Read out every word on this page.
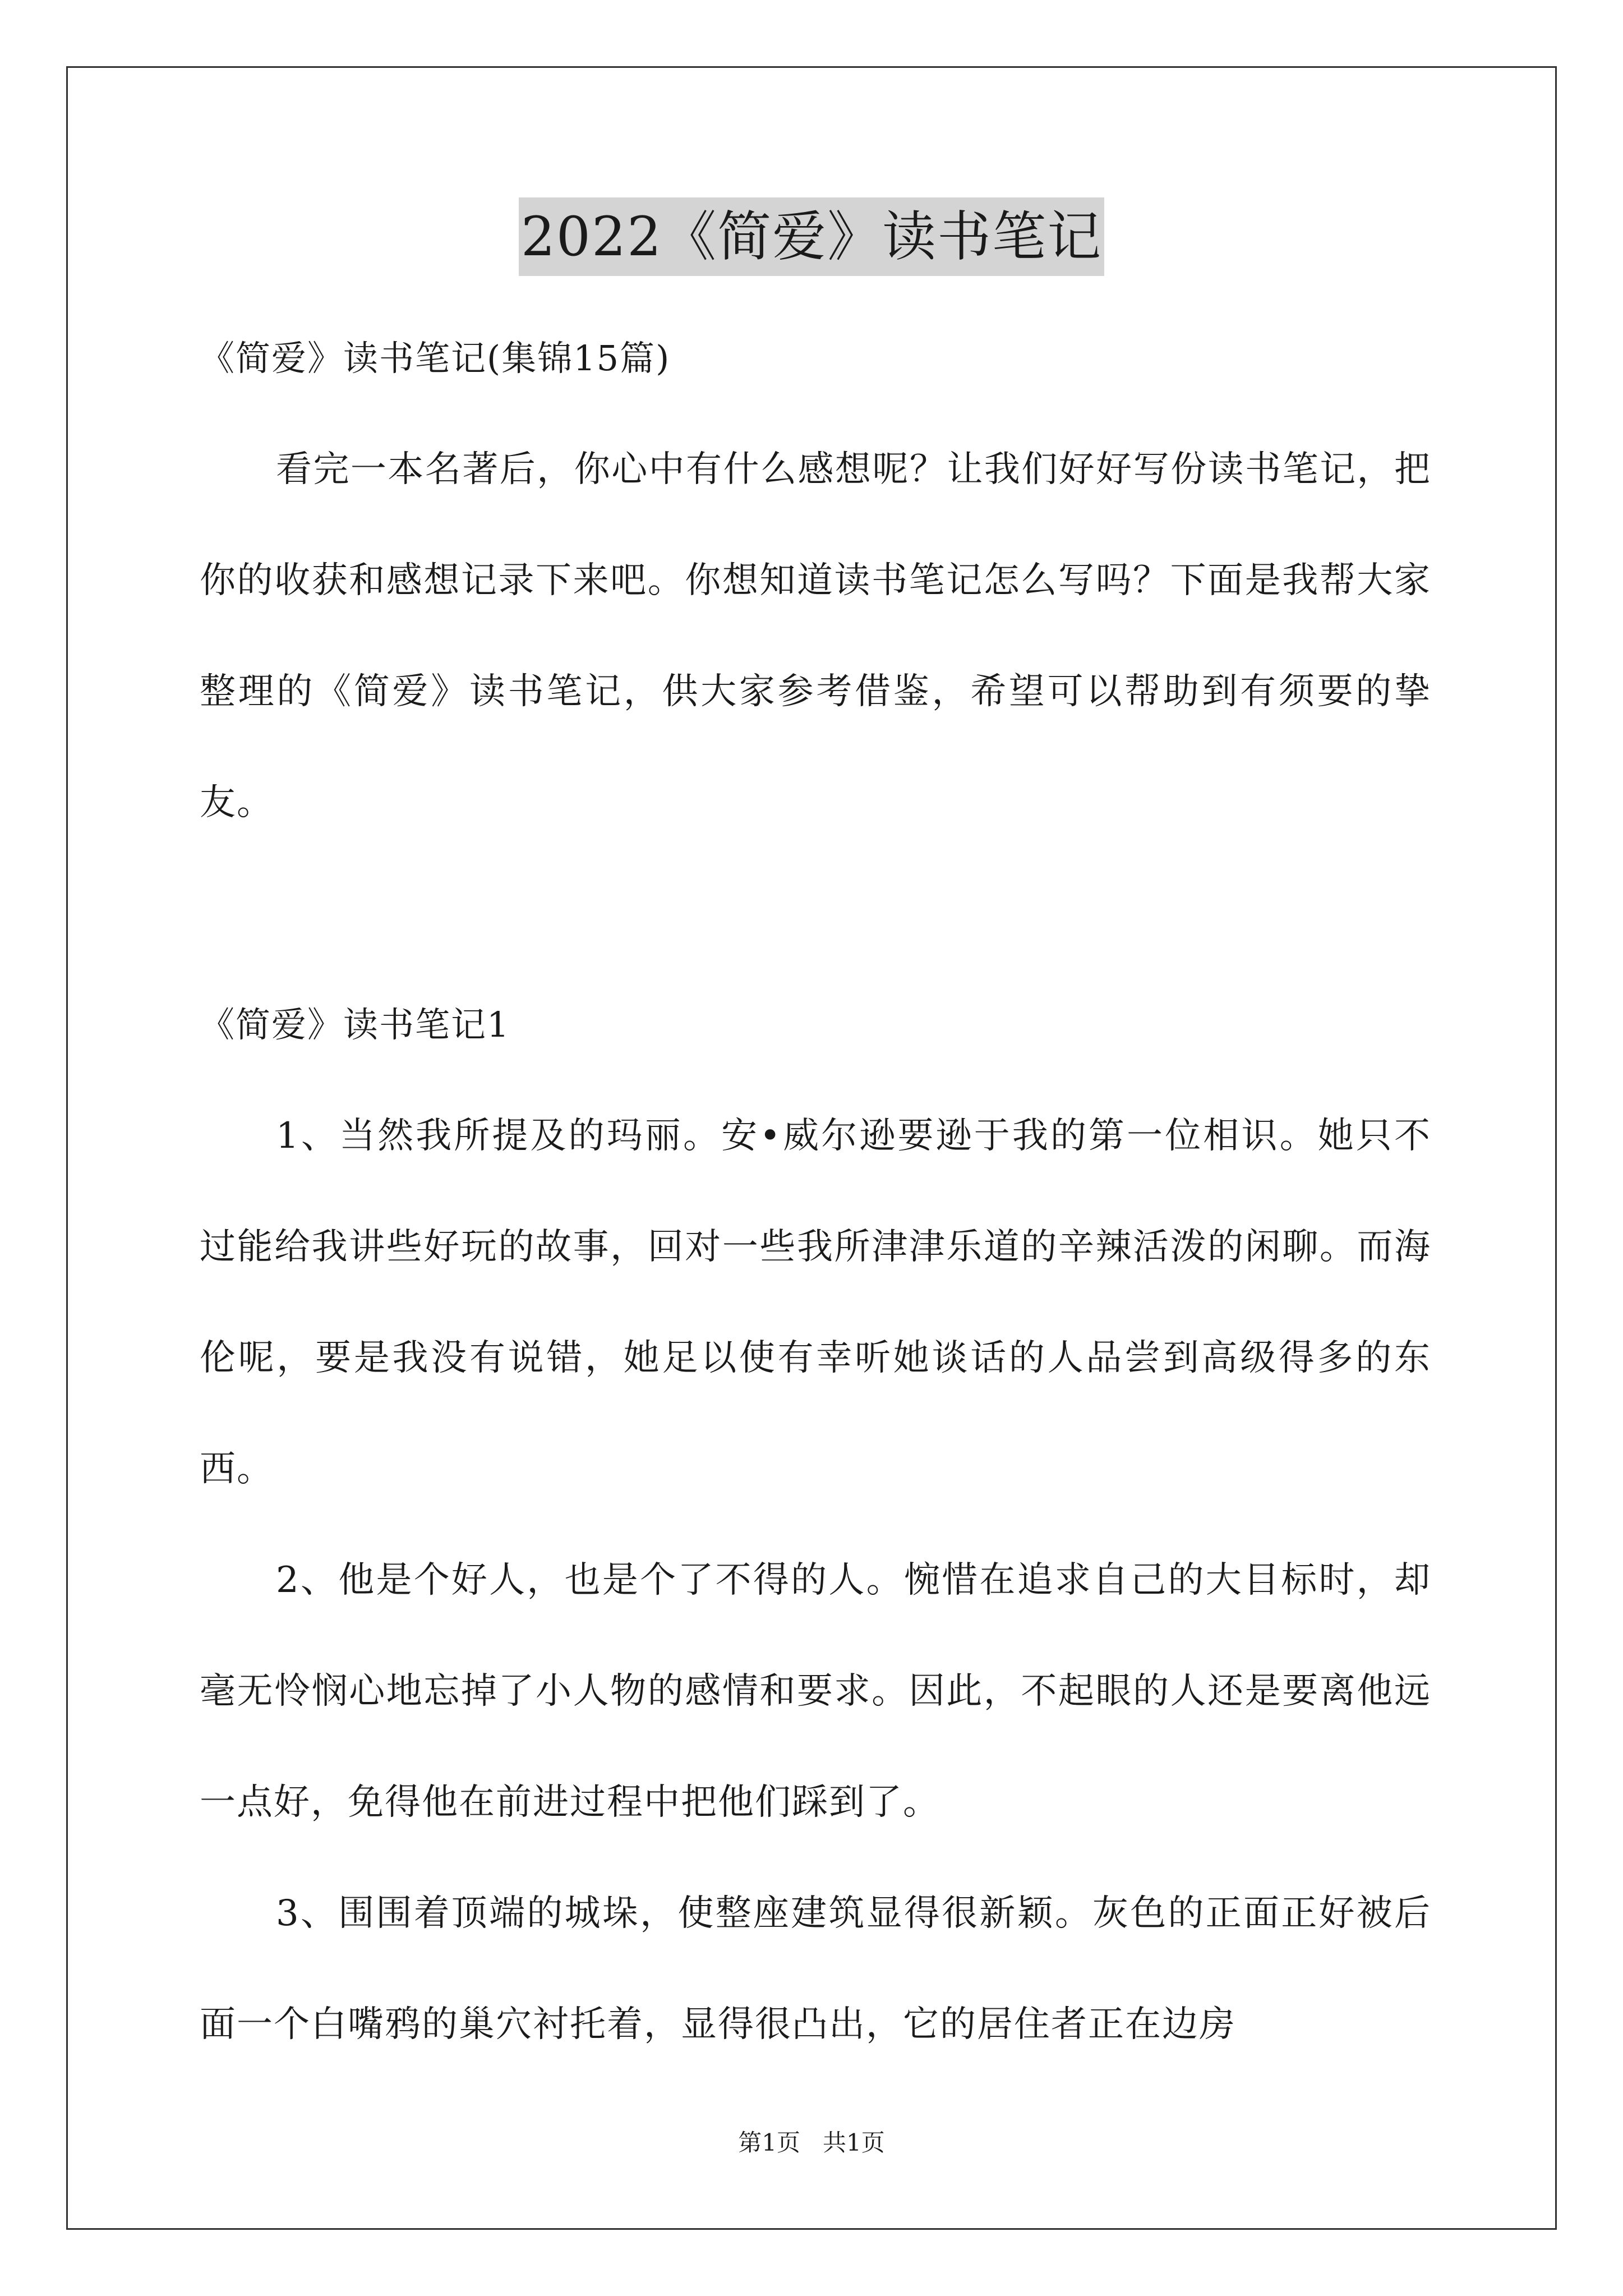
2022《简爱》读书笔记
《简爱》读书笔记(集锦15篇)
看完一本名著后，你心中有什么感想呢？让我们好好写份读书笔记，把你的收获和感想记录下来吧。你想知道读书笔记怎么写吗？下面是我帮大家整理的《简爱》读书笔记，供大家参考借鉴，希望可以帮助到有须要的挚友。
《简爱》读书笔记1
1、当然我所提及的玛丽。安•威尔逊要逊于我的第一位相识。她只不过能给我讲些好玩的故事，回对一些我所津津乐道的辛辣活泼的闲聊。而海伦呢，要是我没有说错，她足以使有幸听她谈话的人品尝到高级得多的东西。
2、他是个好人，也是个了不得的人。惋惜在追求自己的大目标时，却毫无怜悯心地忘掉了小人物的感情和要求。因此，不起眼的人还是要离他远一点好，免得他在前进过程中把他们踩到了。
3、围围着顶端的城垛，使整座建筑显得很新颖。灰色的正面正好被后面一个白嘴鸦的巢穴衬托着，显得很凸出，它的居住者正在边房
第1页 共1页
